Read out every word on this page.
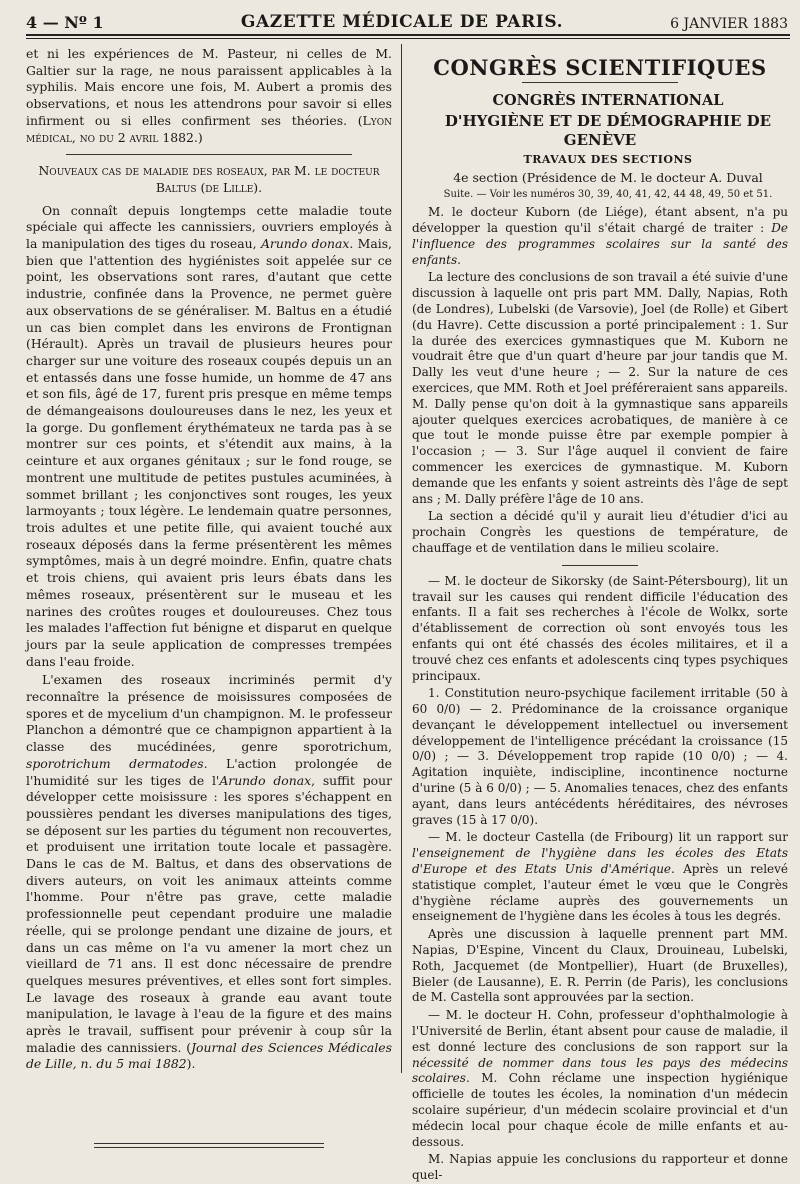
4 — Nº 1	GAZETTE MÉDICALE DE PARIS.	6 JANVIER 1883

et ni les expériences de M. Pasteur, ni celles de M. Galtier sur la rage, ne nous paraissent applicables à la syphilis. Mais encore une fois, M. Aubert a promis des observations, et nous les attendrons pour savoir si elles infirment ou si elles confirment ses théories. (Lyon médical, no du 2 avril 1882.)

Nouveaux cas de maladie des roseaux, par M. le docteur Baltus (de Lille).

On connaît depuis longtemps cette maladie toute spéciale qui affecte les cannissiers, ouvriers employés à la manipulation des tiges du roseau, Arundo donax. Mais, bien que l'attention des hygiénistes soit appelée sur ce point, les observations sont rares, d'autant que cette industrie, confinée dans la Provence, ne permet guère aux observations de se généraliser. M. Baltus en a étudié un cas bien complet dans les environs de Frontignan (Hérault). Après un travail de plusieurs heures pour charger sur une voiture des roseaux coupés depuis un an et entassés dans une fosse humide, un homme de 47 ans et son fils, âgé de 17, furent pris presque en même temps de démangeaisons douloureuses dans le nez, les yeux et la gorge. Du gonflement érythémateux ne tarda pas à se montrer sur ces points, et s'étendit aux mains, à la ceinture et aux organes génitaux ; sur le fond rouge, se montrent une multitude de petites pustules acuminées, à sommet brillant ; les conjonctives sont rouges, les yeux larmoyants ; toux légère. Le lendemain quatre personnes, trois adultes et une petite fille, qui avaient touché aux roseaux déposés dans la ferme présentèrent les mêmes symptômes, mais à un degré moindre. Enfin, quatre chats et trois chiens, qui avaient pris leurs ébats dans les mêmes roseaux, présentèrent sur le museau et les narines des croûtes rouges et douloureuses. Chez tous les malades l'affection fut bénigne et disparut en quelque jours par la seule application de compresses trempées dans l'eau froide.

L'examen des roseaux incriminés permit d'y reconnaître la présence de moisissures composées de spores et de mycelium d'un champignon. M. le professeur Planchon a démontré que ce champignon appartient à la classe des mucédinées, genre sporotrichum, sporotrichum dermatodes. L'action prolongée de l'humidité sur les tiges de l'Arundo donax, suffit pour développer cette moisissure : les spores s'échappent en poussières pendant les diverses manipulations des tiges, se déposent sur les parties du tégument non recouvertes, et produisent une irritation toute locale et passagère. Dans le cas de M. Baltus, et dans des observations de divers auteurs, on voit les animaux atteints comme l'homme. Pour n'être pas grave, cette maladie professionnelle peut cependant produire une maladie réelle, qui se prolonge pendant une dizaine de jours, et dans un cas même on l'a vu amener la mort chez un vieillard de 71 ans. Il est donc nécessaire de prendre quelques mesures préventives, et elles sont fort simples. Le lavage des roseaux à grande eau avant toute manipulation, le lavage à l'eau de la figure et des mains après le travail, suffisent pour prévenir à coup sûr la maladie des cannissiers. (Journal des Sciences Médicales de Lille, n. du 5 mai 1882).

CONGRÈS SCIENTIFIQUES

CONGRÈS INTERNATIONAL

D'HYGIÈNE ET DE DÉMOGRAPHIE DE GENÈVE

TRAVAUX DES SECTIONS

4e section (Présidence de M. le docteur A. Duval

Suite. — Voir les numéros 30, 39, 40, 41, 42, 44 48, 49, 50 et 51.

M. le docteur Kuborn (de Liége), étant absent, n'a pu développer la question qu'il s'était chargé de traiter : De l'influence des programmes scolaires sur la santé des enfants.

La lecture des conclusions de son travail a été suivie d'une discussion à laquelle ont pris part MM. Dally, Napias, Roth (de Londres), Lubelski (de Varsovie), Joel (de Rolle) et Gibert (du Havre). Cette discussion a porté principalement : 1. Sur la durée des exercices gymnastiques que M. Kuborn ne voudrait être que d'un quart d'heure par jour tandis que M. Dally les veut d'une heure ; — 2. Sur la nature de ces exercices, que MM. Roth et Joel préféreraient sans appareils. M. Dally pense qu'on doit à la gymnastique sans appareils ajouter quelques exercices acrobatiques, de manière à ce que tout le monde puisse être par exemple pompier à l'occasion ; — 3. Sur l'âge auquel il convient de faire commencer les exercices de gymnastique. M. Kuborn demande que les enfants y soient astreints dès l'âge de sept ans ; M. Dally préfère l'âge de 10 ans.

La section a décidé qu'il y aurait lieu d'étudier d'ici au prochain Congrès les questions de température, de chauffage et de ventilation dans le milieu scolaire.

— M. le docteur de Sikorsky (de Saint-Pétersbourg), lit un travail sur les causes qui rendent difficile l'éducation des enfants. Il a fait ses recherches à l'école de Wolkx, sorte d'établissement de correction où sont envoyés tous les enfants qui ont été chassés des écoles militaires, et il a trouvé chez ces enfants et adolescents cinq types psychiques principaux.

1. Constitution neuro-psychique facilement irritable (50 à 60 0/0) — 2. Prédominance de la croissance organique devançant le développement intellectuel ou inversement développement de l'intelligence précédant la croissance (15 0/0) ; — 3. Développement trop rapide (10 0/0) ; — 4. Agitation inquiète, indiscipline, incontinence nocturne d'urine (5 à 6 0/0) ; — 5. Anomalies tenaces, chez des enfants ayant, dans leurs antécédents héréditaires, des névroses graves (15 à 17 0/0).

— M. le docteur Castella (de Fribourg) lit un rapport sur l'enseignement de l'hygiène dans les écoles des Etats d'Europe et des Etats Unis d'Amérique. Après un relevé statistique complet, l'auteur émet le vœu que le Congrès d'hygiène réclame auprès des gouvernements un enseignement de l'hygiène dans les écoles à tous les degrés.

Après une discussion à laquelle prennent part MM. Napias, D'Espine, Vincent du Claux, Drouineau, Lubelski, Roth, Jacquemet (de Montpellier), Huart (de Bruxelles), Bieler (de Lausanne), E. R. Perrin (de Paris), les conclusions de M. Castella sont approuvées par la section.

— M. le docteur H. Cohn, professeur d'ophthalmologie à l'Université de Berlin, étant absent pour cause de maladie, il est donné lecture des conclusions de son rapport sur la nécessité de nommer dans tous les pays des médecins scolaires. M. Cohn réclame une inspection hygiénique officielle de toutes les écoles, la nomination d'un médecin scolaire supérieur, d'un médecin scolaire provincial et d'un médecin local pour chaque école de mille enfants et au-dessous.

M. Napias appuie les conclusions du rapporteur et donne quel-
